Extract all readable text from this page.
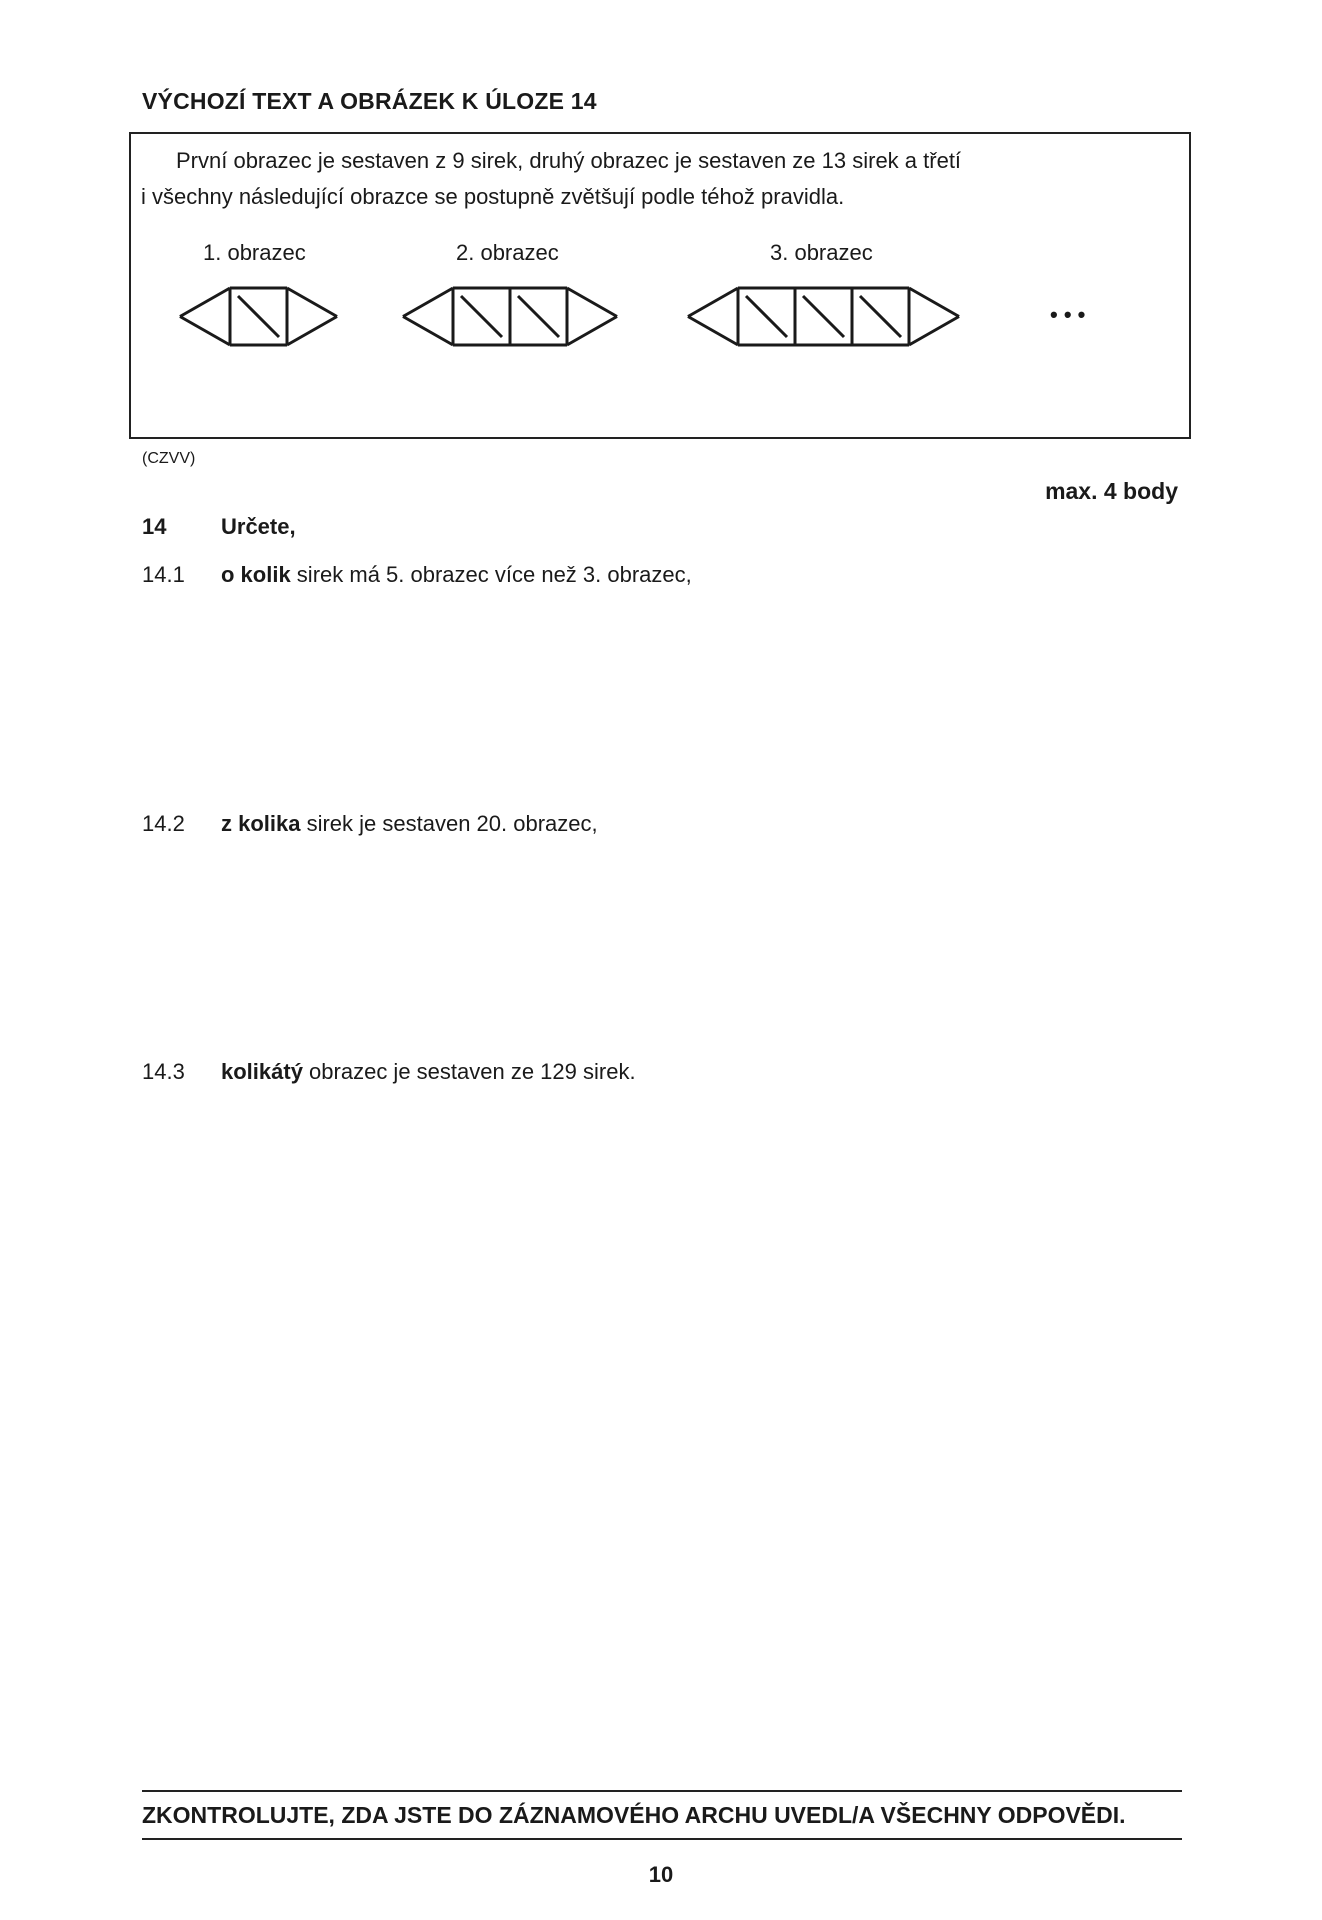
VÝCHOZÍ TEXT A OBRÁZEK K ÚLOZE 14
První obrazec je sestaven z 9 sirek, druhý obrazec je sestaven ze 13 sirek a třetí
i všechny následující obrazce se postupně zvětšují podle téhož pravidla.
1. obrazec	2. obrazec	3. obrazec
• • •
(CZVV)
max. 4 body
14 Určete,
14.1 o kolik sirek má 5. obrazec více než 3. obrazec,
14.2 z kolika sirek je sestaven 20. obrazec,
14.3 kolikátý obrazec je sestaven ze 129 sirek.
ZKONTROLUJTE, ZDA JSTE DO ZÁZNAMOVÉHO ARCHU UVEDL/A VŠECHNY ODPOVĚDI.
10
